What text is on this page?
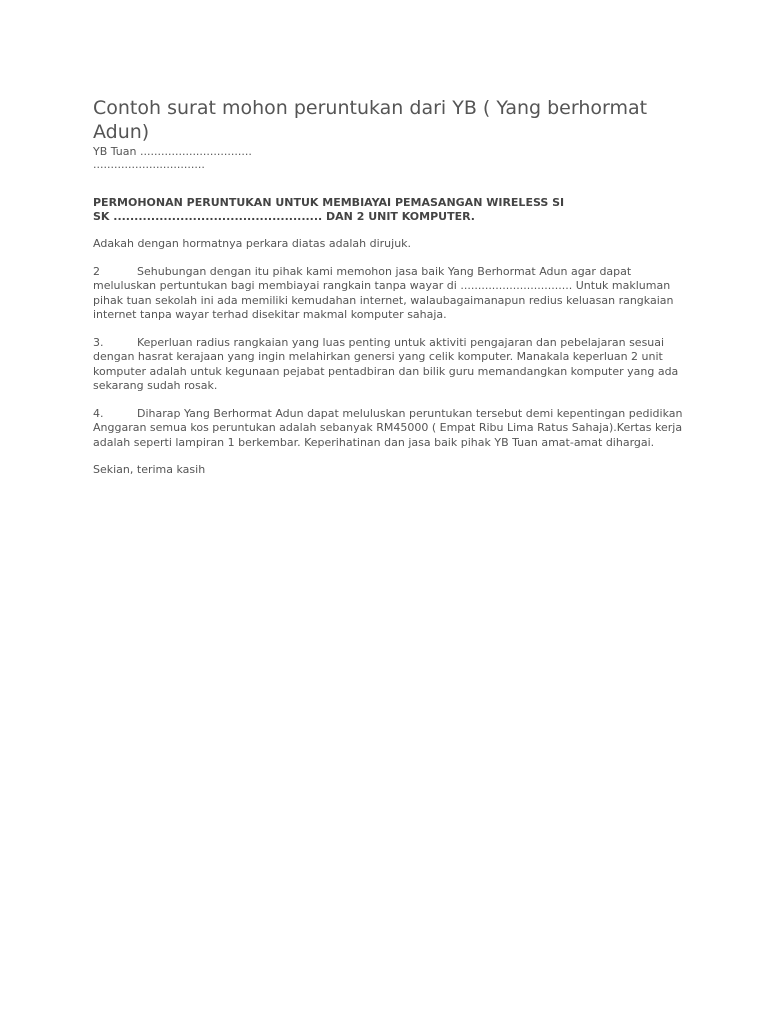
Contoh surat mohon peruntukan dari YB ( Yang berhormat Adun)
YB Tuan ................................
................................
PERMOHONAN PERUNTUKAN UNTUK MEMBIAYAI PEMASANGAN WIRELESS SI
SK .................................................. DAN 2 UNIT KOMPUTER.
Adakah dengan hormatnya perkara diatas adalah dirujuk.
2	Sehubungan dengan itu pihak kami memohon jasa baik Yang Berhormat Adun agar dapat meluluskan pertuntukan bagi membiayai rangkain tanpa wayar di ................................ Untuk makluman pihak tuan sekolah ini ada memiliki kemudahan internet, walaubagaimanapun redius keluasan rangkaian internet tanpa wayar terhad disekitar makmal komputer sahaja.
3.	Keperluan radius rangkaian yang luas penting untuk aktiviti pengajaran dan pebelajaran sesuai dengan hasrat kerajaan yang ingin melahirkan genersi yang celik komputer. Manakala keperluan 2 unit komputer adalah untuk kegunaan pejabat pentadbiran dan bilik guru memandangkan komputer yang ada sekarang sudah rosak.
4.	Diharap Yang Berhormat Adun dapat meluluskan peruntukan tersebut demi kepentingan pedidikan Anggaran semua kos peruntukan adalah sebanyak RM45000 ( Empat Ribu Lima Ratus Sahaja).Kertas kerja adalah seperti lampiran 1 berkembar. Keperihatinan dan jasa baik pihak YB Tuan amat-amat dihargai.
Sekian, terima kasih
